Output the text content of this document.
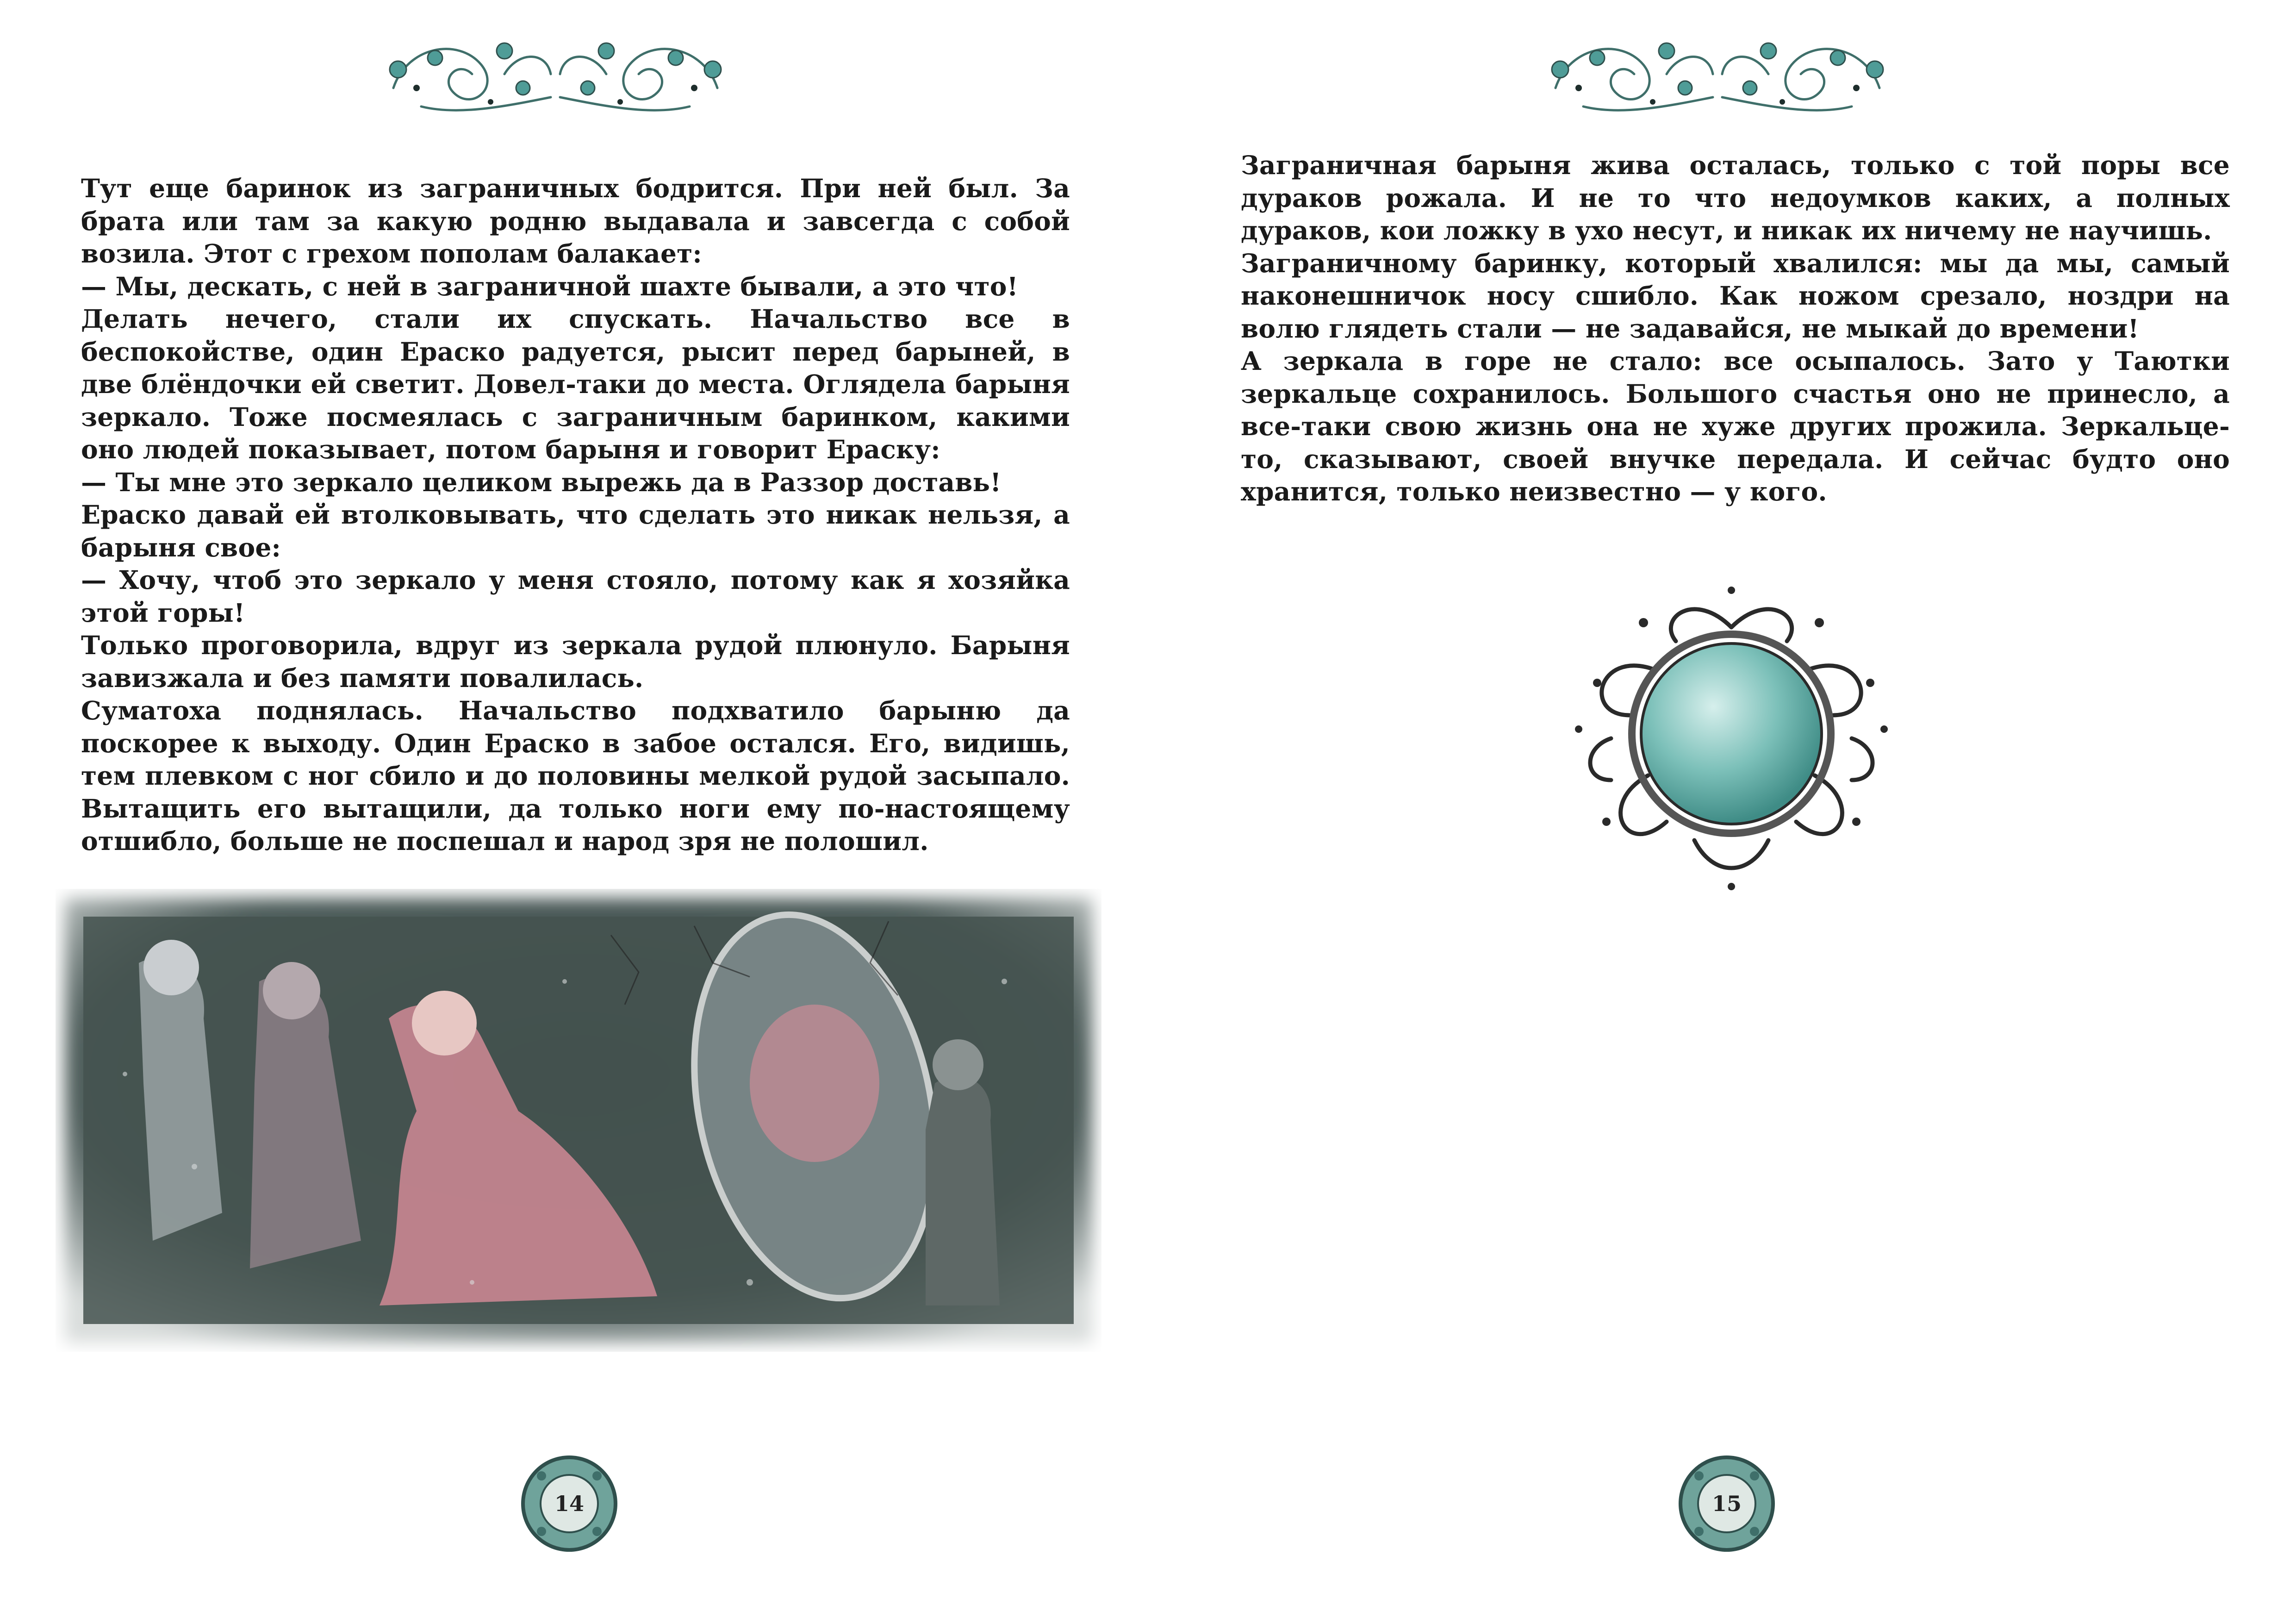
Тут еще баринок из заграничных бодрится. При ней был. За брата или там за какую родню выдавала и завсегда с собой возила. Этот с грехом пополам балакает:

— Мы, дескать, с ней в заграничной шахте бывали, а это что!

Делать нечего, стали их спускать. Начальство все в беспокойстве, один Ераско радуется, рысит перед барыней, в две блёндочки ей светит. Довел-таки до места. Оглядела барыня зеркало. Тоже посмеялась с заграничным баринком, какими оно людей показывает, потом барыня и говорит Ераску:

— Ты мне это зеркало целиком вырежь да в Раззор доставь!

Ераско давай ей втолковывать, что сделать это никак нельзя, а барыня свое:

— Хочу, чтоб это зеркало у меня стояло, потому как я хозяйка этой горы!

Только проговорила, вдруг из зеркала рудой плюнуло. Барыня завизжала и без памяти повалилась.

Суматоха поднялась. Начальство подхватило барыню да поскорее к выходу. Один Ераско в забое остался. Его, видишь, тем плевком с ног сбило и до половины мелкой рудой засыпало. Вытащить его вытащили, да только ноги ему по-настоящему отшибло, больше не поспешал и народ зря не полошил.

14

Заграничная барыня жива осталась, только с той поры все дураков рожала. И не то что недоумков каких, а полных дураков, кои ложку в ухо несут, и никак их ничему не научишь.

Заграничному баринку, который хвалился: мы да мы, самый наконешничок носу сшибло. Как ножом срезало, ноздри на волю глядеть стали — не задавайся, не мыкай до времени!

А зеркала в горе не стало: все осыпалось. Зато у Таютки зеркальце сохранилось. Большого счастья оно не принесло, а все-таки свою жизнь она не хуже других прожила. Зеркальце-то, сказывают, своей внучке передала. И сейчас будто оно хранится, только неизвестно — у кого.

15
